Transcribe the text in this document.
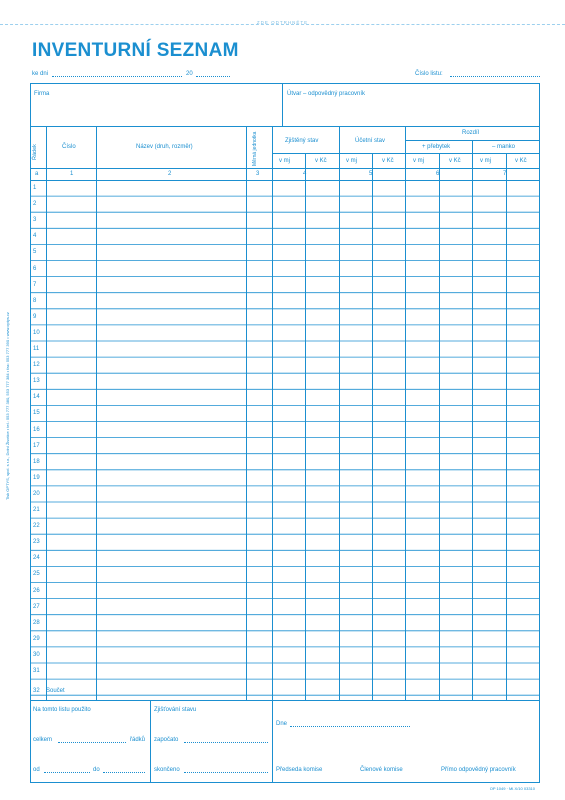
ZDE ODTRHNĚTE
INVENTURNÍ SEZNAM
ke dni	20	Číslo listu:
Řádek	Číslo	Název (druh, rozměr)	Měrná jednotka	Zjištěný stav	Účetní stav
Rozdíl
+ přebytek	– manko
v mj	v Kč	v mj	v Kč	v mj	v Kč	v mj	v Kč
a	1	2	3	4	5	6	7
1
2
3
4
5
6
7
8
9
10
11
12
13
14
15
16
17
18
19
20
21
22
23
24
25
26
27
28
29
30
31
Firma	Útvar – odpovědný pracovník
32 Součet
Na tomto listu použito
celkem	řádků
od	do
Zjišťování stavu
započato
skončeno
Dne
Předseda komise	Členové komise	Přímo odpovědný pracovník
Tisk OPTYS, spol. s r.o., Dolní Životice • tel.: 553 777 380, 553 777 384 • fax: 553 777 390 • www.optys.cz
OP 1049 · MI.X/10 03310
